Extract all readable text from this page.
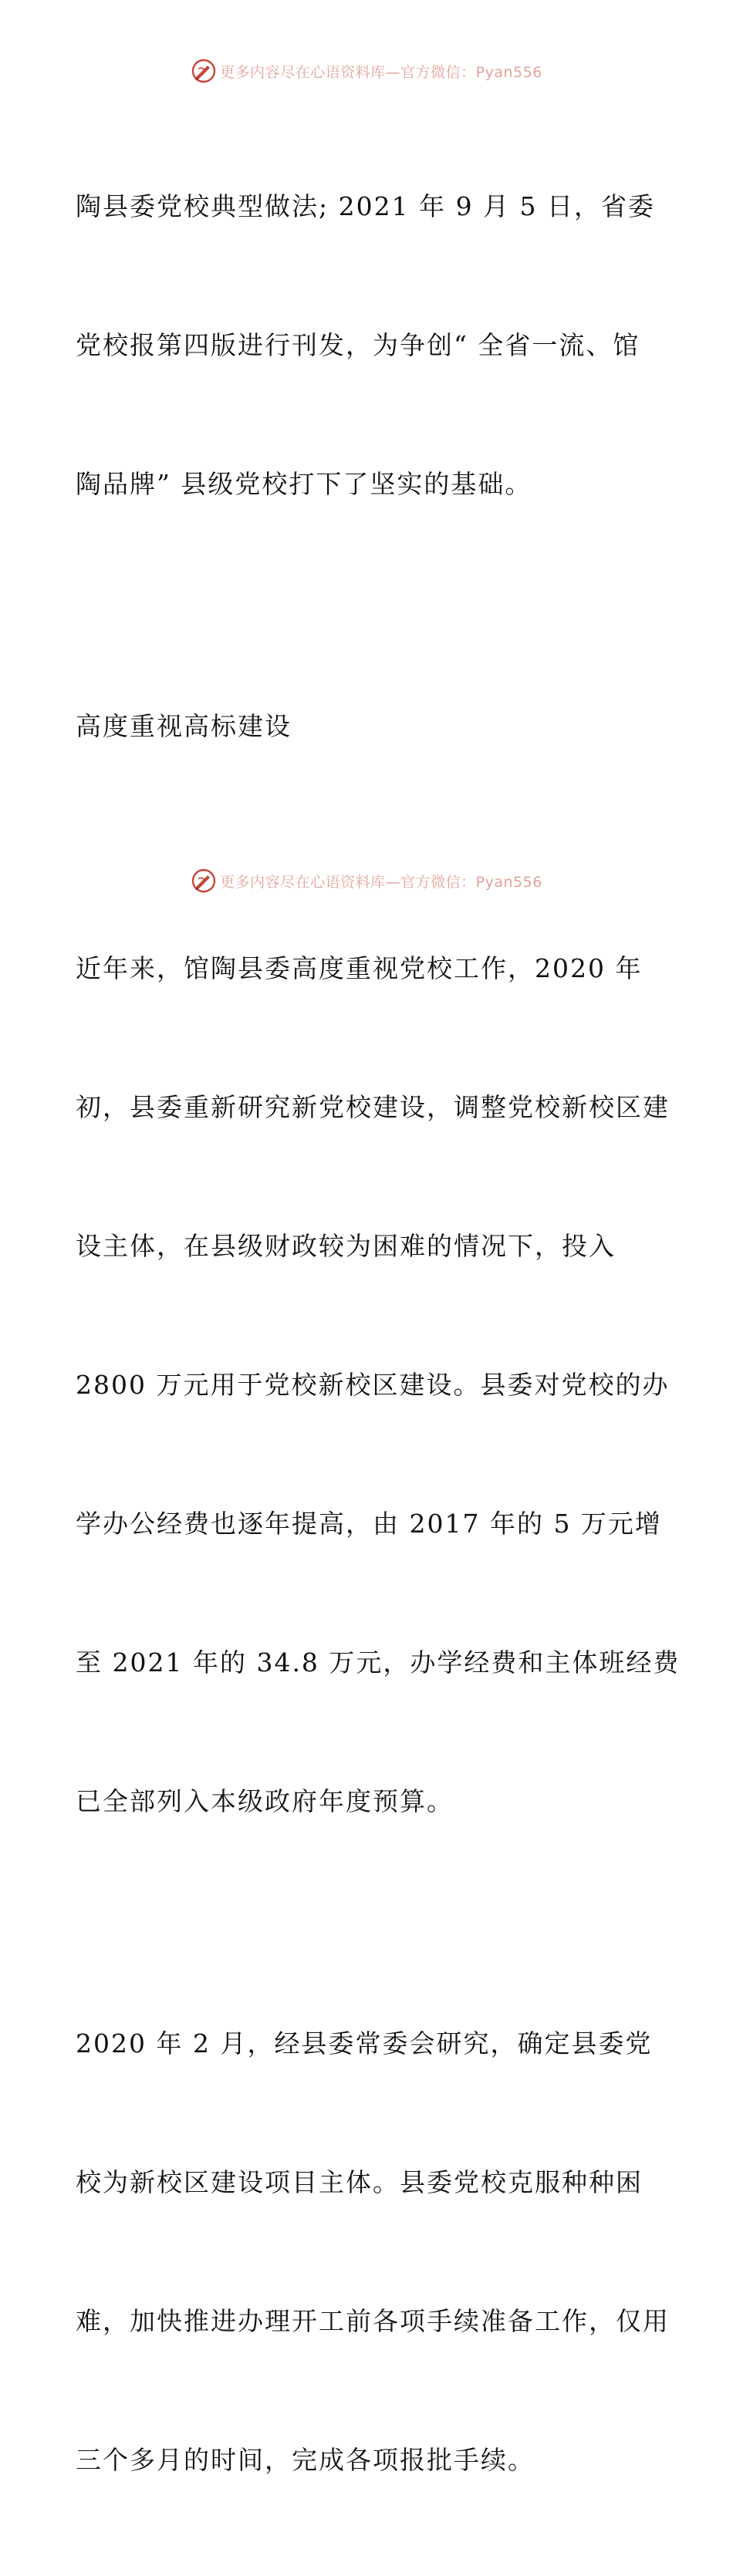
更多内容尽在心语资料库—官方微信：Pyan556

陶县委党校典型做法; 2021 年 9 月 5 日，省委

党校报第四版进行刊发，为争创“ 全省一流、馆

陶品牌” 县级党校打下了坚实的基础。

高度重视高标建设

近年来，馆陶县委高度重视党校工作，2020 年

初，县委重新研究新党校建设，调整党校新校区建

设主体，在县级财政较为困难的情况下，投入

2800 万元用于党校新校区建设。县委对党校的办

学办公经费也逐年提高，由 2017 年的 5 万元增

至 2021 年的 34.8 万元，办学经费和主体班经费

已全部列入本级政府年度预算。

2020 年 2 月，经县委常委会研究，确定县委党

校为新校区建设项目主体。县委党校克服种种困

难，加快推进办理开工前各项手续准备工作，仅用

三个多月的时间，完成各项报批手续。

更多内容尽在心语资料库—官方微信：Pyan556
